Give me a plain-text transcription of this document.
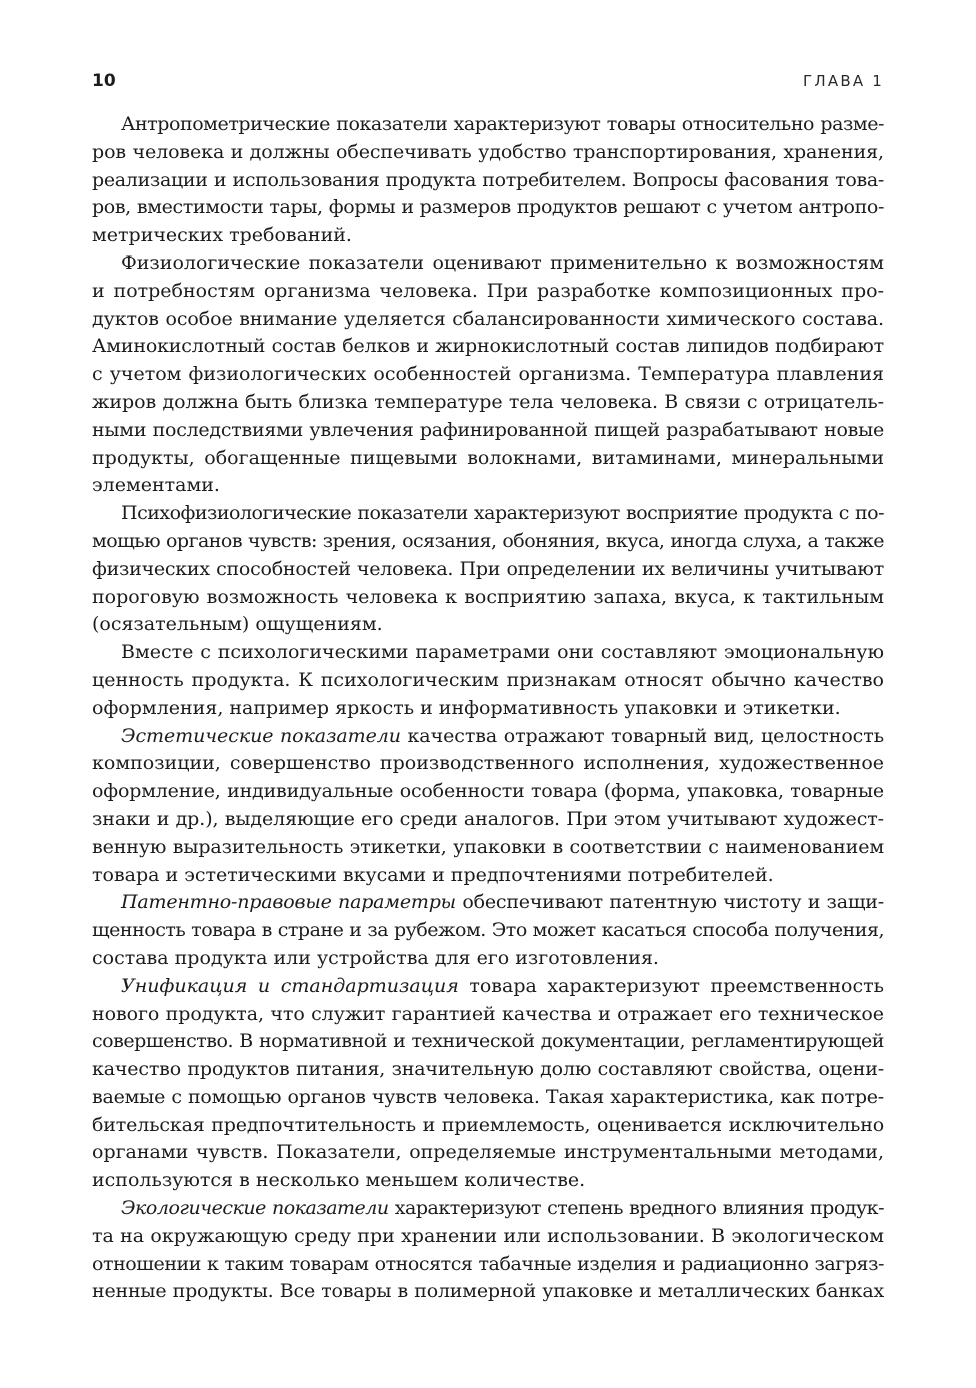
10	ГЛАВА 1

Антропометрические показатели характеризуют товары относительно разме-
ров человека и должны обеспечивать удобство транспортирования, хранения,
реализации и использования продукта потребителем. Вопросы фасования това-
ров, вместимости тары, формы и размеров продуктов решают с учетом антропо-
метрических требований.

Физиологические показатели оценивают применительно к возможностям
и потребностям организма человека. При разработке композиционных про-
дуктов особое внимание уделяется сбалансированности химического состава.
Аминокислотный состав белков и жирнокислотный состав липидов подбирают
с учетом физиологических особенностей организма. Температура плавления
жиров должна быть близка температуре тела человека. В связи с отрицатель-
ными последствиями увлечения рафинированной пищей разрабатывают новые
продукты, обогащенные пищевыми волокнами, витаминами, минеральными
элементами.

Психофизиологические показатели характеризуют восприятие продукта с по-
мощью органов чувств: зрения, осязания, обоняния, вкуса, иногда слуха, а также
физических способностей человека. При определении их величины учитывают
пороговую возможность человека к восприятию запаха, вкуса, к тактильным
(осязательным) ощущениям.

Вместе с психологическими параметрами они составляют эмоциональную
ценность продукта. К психологическим признакам относят обычно качество
оформления, например яркость и информативность упаковки и этикетки.

Эстетические показатели качества отражают товарный вид, целостность
композиции, совершенство производственного исполнения, художественное
оформление, индивидуальные особенности товара (форма, упаковка, товарные
знаки и др.), выделяющие его среди аналогов. При этом учитывают художест-
венную выразительность этикетки, упаковки в соответствии с наименованием
товара и эстетическими вкусами и предпочтениями потребителей.

Патентно-правовые параметры обеспечивают патентную чистоту и защи-
щенность товара в стране и за рубежом. Это может касаться способа получения,
состава продукта или устройства для его изготовления.

Унификация и стандартизация товара характеризуют преемственность
нового продукта, что служит гарантией качества и отражает его техническое
совершенство. В нормативной и технической документации, регламентирующей
качество продуктов питания, значительную долю составляют свойства, оцени-
ваемые с помощью органов чувств человека. Такая характеристика, как потре-
бительская предпочтительность и приемлемость, оценивается исключительно
органами чувств. Показатели, определяемые инструментальными методами,
используются в несколько меньшем количестве.

Экологические показатели характеризуют степень вредного влияния продук-
та на окружающую среду при хранении или использовании. В экологическом
отношении к таким товарам относятся табачные изделия и радиационно загряз-
ненные продукты. Все товары в полимерной упаковке и металлических банках
